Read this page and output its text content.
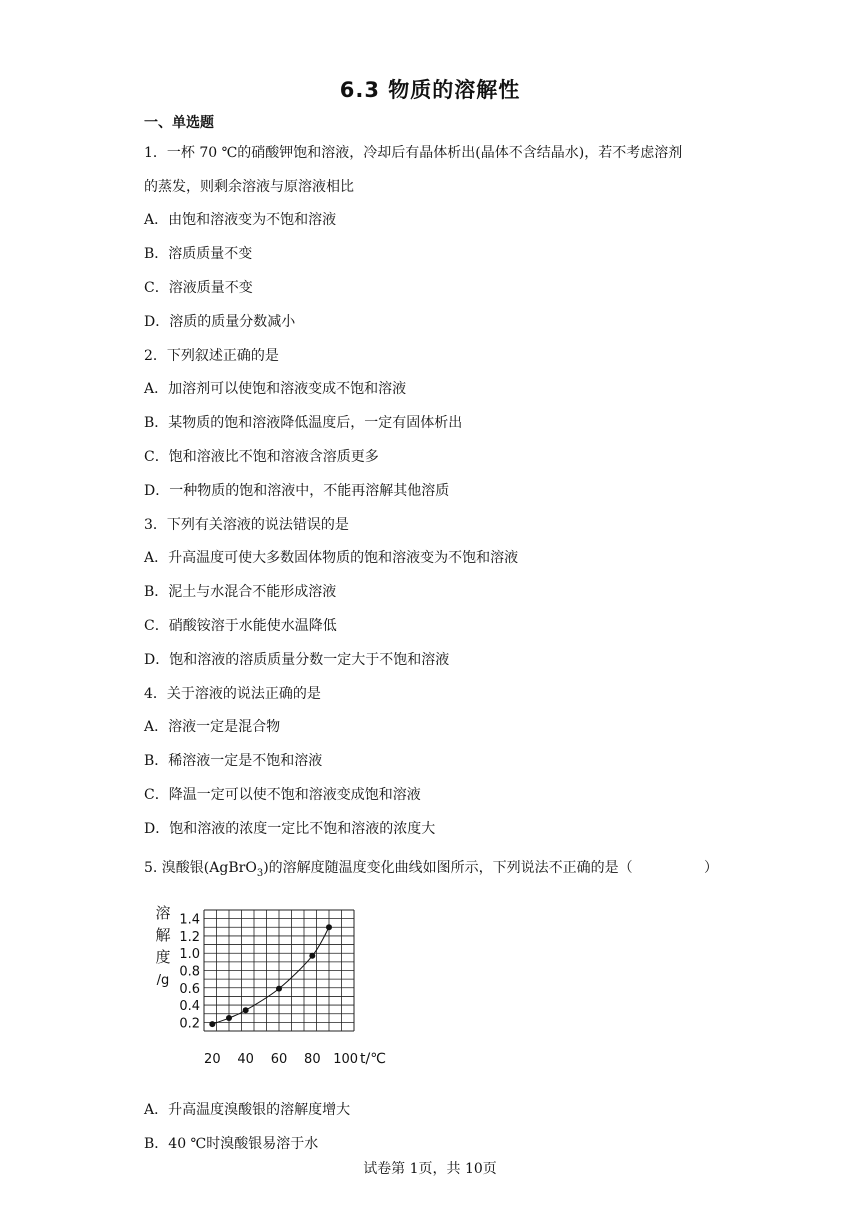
6.3 物质的溶解性
一、单选题
1．一杯 70 ℃的硝酸钾饱和溶液，冷却后有晶体析出(晶体不含结晶水)，若不考虑溶剂
的蒸发，则剩余溶液与原溶液相比
A．由饱和溶液变为不饱和溶液
B．溶质质量不变
C．溶液质量不变
D．溶质的质量分数减小
2．下列叙述正确的是
A．加溶剂可以使饱和溶液变成不饱和溶液
B．某物质的饱和溶液降低温度后，一定有固体析出
C．饱和溶液比不饱和溶液含溶质更多
D．一种物质的饱和溶液中，不能再溶解其他溶质
3．下列有关溶液的说法错误的是
A．升高温度可使大多数固体物质的饱和溶液变为不饱和溶液
B．泥土与水混合不能形成溶液
C．硝酸铵溶于水能使水温降低
D．饱和溶液的溶质质量分数一定大于不饱和溶液
4．关于溶液的说法正确的是
A．溶液一定是混合物
B．稀溶液一定是不饱和溶液
C．降温一定可以使不饱和溶液变成饱和溶液
D．饱和溶液的浓度一定比不饱和溶液的浓度大
5. 溴酸银(AgBrO$_3$)的溶解度随温度变化曲线如图所示，下列说法不正确的是（	）
溶
解
度
/g
0.2
0.4
0.6
0.8
1.0
1.2
1.4
20 40 60 80 100 t/℃
A．升高温度溴酸银的溶解度增大
B．40 ℃时溴酸银易溶于水
试卷第 1页，共 10页
